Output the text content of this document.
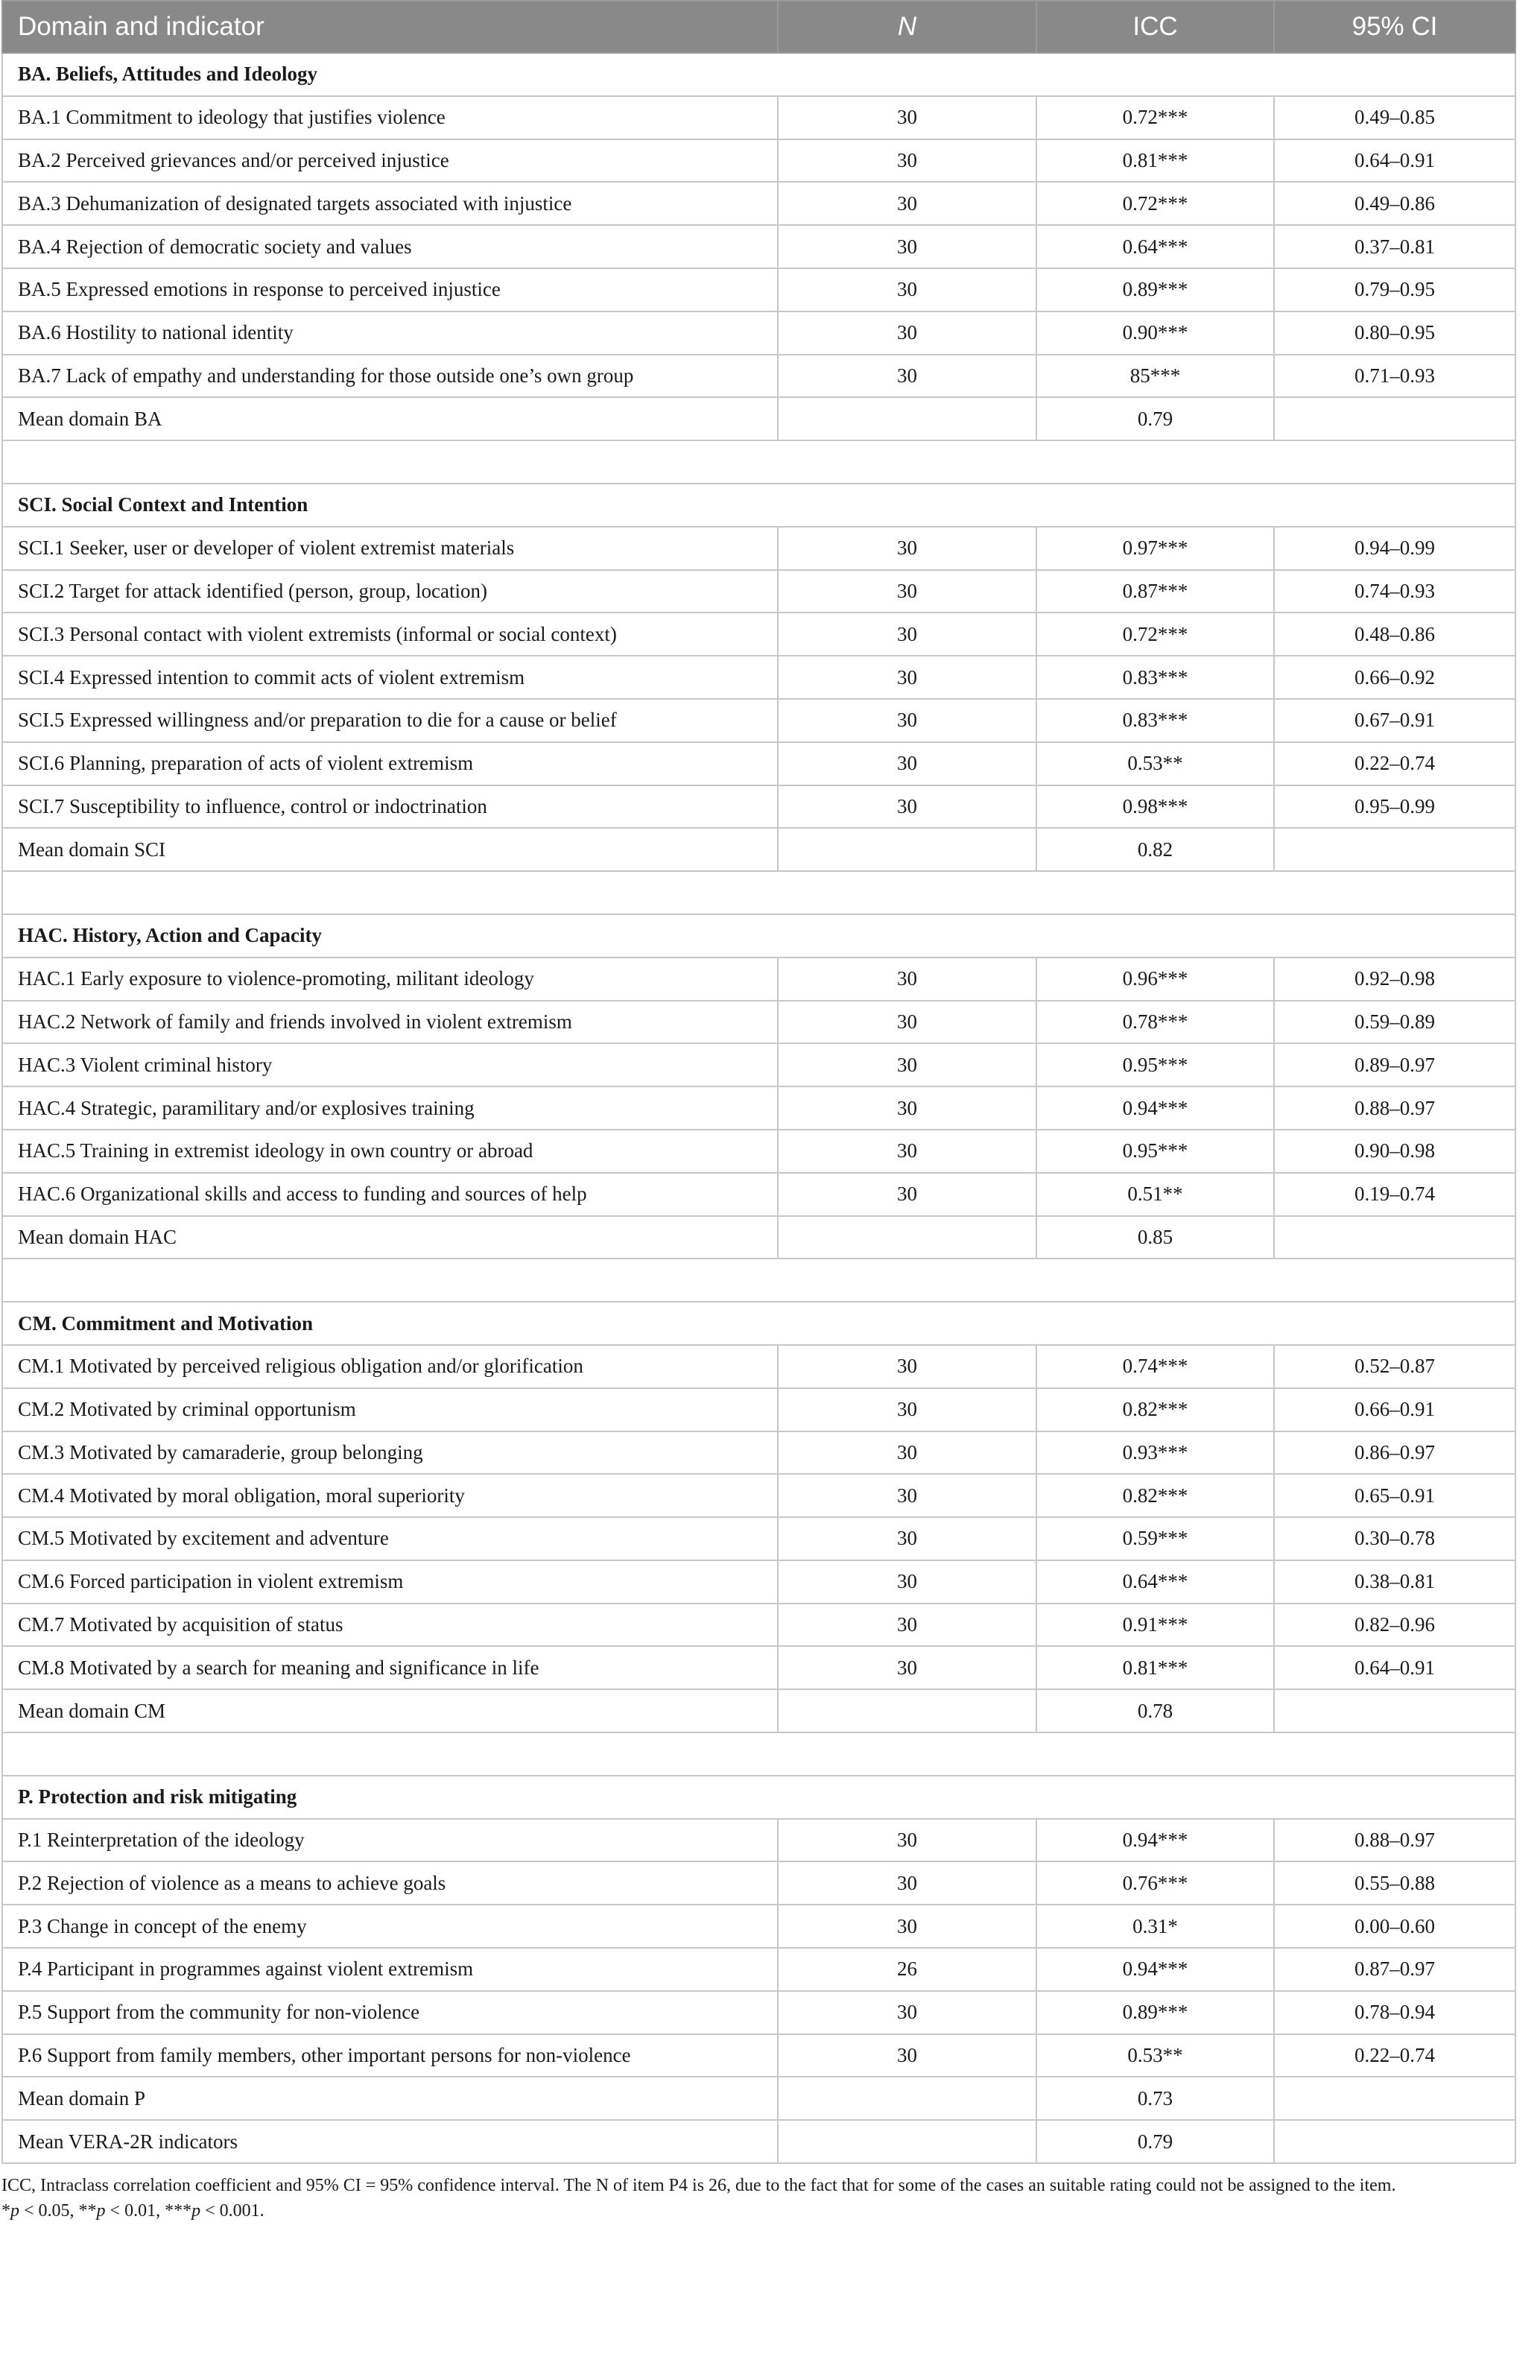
Domain and indicator	N	ICC	95% CI
BA. Beliefs, Attitudes and Ideology			
BA.1 Commitment to ideology that justifies violence	30	0.72***	0.49–0.85
BA.2 Perceived grievances and/or perceived injustice	30	0.81***	0.64–0.91
BA.3 Dehumanization of designated targets associated with injustice	30	0.72***	0.49–0.86
BA.4 Rejection of democratic society and values	30	0.64***	0.37–0.81
BA.5 Expressed emotions in response to perceived injustice	30	0.89***	0.79–0.95
BA.6 Hostility to national identity	30	0.90***	0.80–0.95
BA.7 Lack of empathy and understanding for those outside one’s own group	30	85***	0.71–0.93
Mean domain BA		0.79	

SCI. Social Context and Intention			
SCI.1 Seeker, user or developer of violent extremist materials	30	0.97***	0.94–0.99
SCI.2 Target for attack identified (person, group, location)	30	0.87***	0.74–0.93
SCI.3 Personal contact with violent extremists (informal or social context)	30	0.72***	0.48–0.86
SCI.4 Expressed intention to commit acts of violent extremism	30	0.83***	0.66–0.92
SCI.5 Expressed willingness and/or preparation to die for a cause or belief	30	0.83***	0.67–0.91
SCI.6 Planning, preparation of acts of violent extremism	30	0.53**	0.22–0.74
SCI.7 Susceptibility to influence, control or indoctrination	30	0.98***	0.95–0.99
Mean domain SCI		0.82	

HAC. History, Action and Capacity			
HAC.1 Early exposure to violence-promoting, militant ideology	30	0.96***	0.92–0.98
HAC.2 Network of family and friends involved in violent extremism	30	0.78***	0.59–0.89
HAC.3 Violent criminal history	30	0.95***	0.89–0.97
HAC.4 Strategic, paramilitary and/or explosives training	30	0.94***	0.88–0.97
HAC.5 Training in extremist ideology in own country or abroad	30	0.95***	0.90–0.98
HAC.6 Organizational skills and access to funding and sources of help	30	0.51**	0.19–0.74
Mean domain HAC		0.85	

CM. Commitment and Motivation			
CM.1 Motivated by perceived religious obligation and/or glorification	30	0.74***	0.52–0.87
CM.2 Motivated by criminal opportunism	30	0.82***	0.66–0.91
CM.3 Motivated by camaraderie, group belonging	30	0.93***	0.86–0.97
CM.4 Motivated by moral obligation, moral superiority	30	0.82***	0.65–0.91
CM.5 Motivated by excitement and adventure	30	0.59***	0.30–0.78
CM.6 Forced participation in violent extremism	30	0.64***	0.38–0.81
CM.7 Motivated by acquisition of status	30	0.91***	0.82–0.96
CM.8 Motivated by a search for meaning and significance in life	30	0.81***	0.64–0.91
Mean domain CM		0.78	

P. Protection and risk mitigating			
P.1 Reinterpretation of the ideology	30	0.94***	0.88–0.97
P.2 Rejection of violence as a means to achieve goals	30	0.76***	0.55–0.88
P.3 Change in concept of the enemy	30	0.31*	0.00–0.60
P.4 Participant in programmes against violent extremism	26	0.94***	0.87–0.97
P.5 Support from the community for non-violence	30	0.89***	0.78–0.94
P.6 Support from family members, other important persons for non-violence	30	0.53**	0.22–0.74
Mean domain P		0.73	
Mean VERA-2R indicators		0.79	
ICC, Intraclass correlation coefficient and 95% CI = 95% confidence interval. The N of item P4 is 26, due to the fact that for some of the cases an suitable rating could not be assigned to the item.
*p < 0.05, **p < 0.01, ***p < 0.001.
